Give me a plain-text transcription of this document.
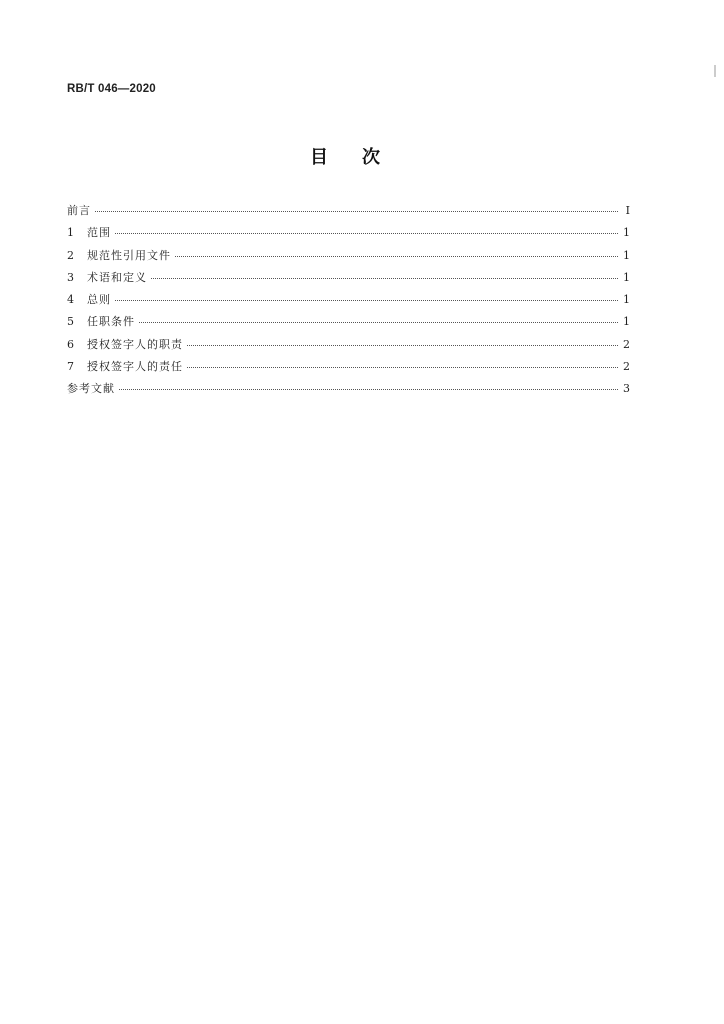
RB/T 046—2020
目 次
前言	Ⅰ
1	范围	1
2	规范性引用文件	1
3	术语和定义	1
4	总则	1
5	任职条件	1
6	授权签字人的职责	2
7	授权签字人的责任	2
参考文献	3
